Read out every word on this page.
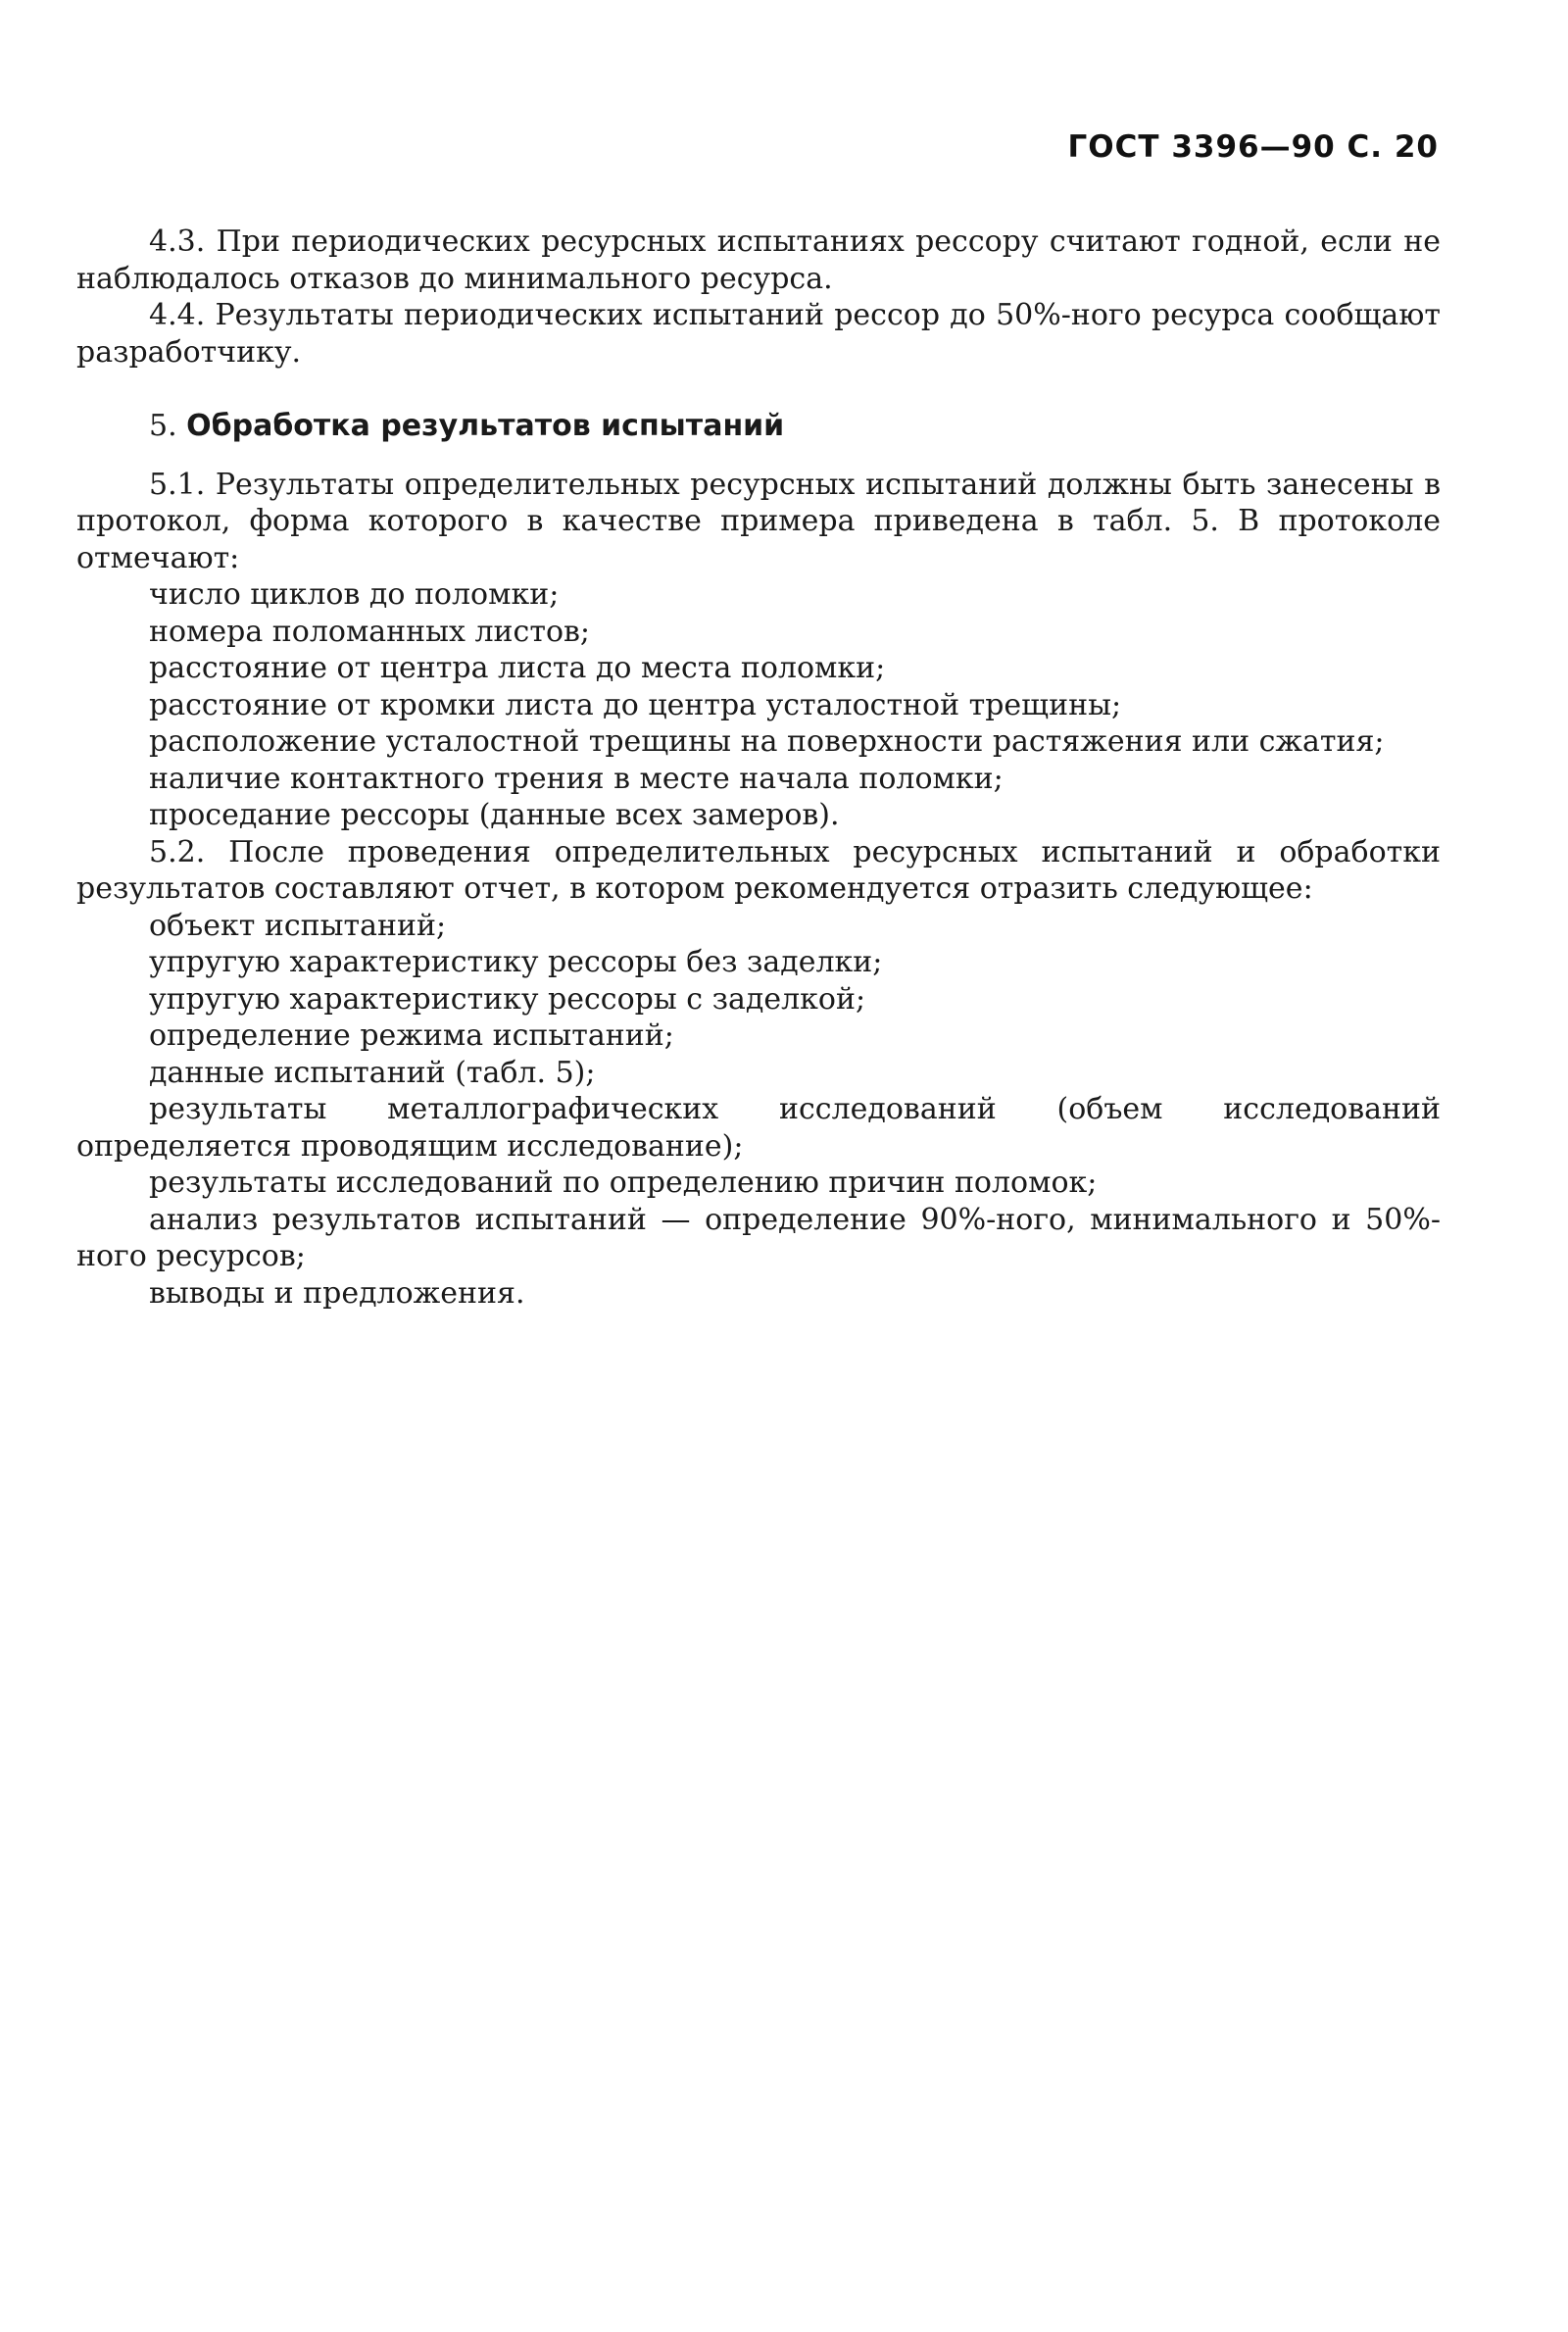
ГОСТ 3396—90 С. 20

4.3. При периодических ресурсных испытаниях рессору считают годной, если не наблюдалось отказов до минимального ресурса.

4.4. Результаты периодических испытаний рессор до 50%-ного ресурса сообщают разработчику.

5. Обработка результатов испытаний

5.1. Результаты определительных ресурсных испытаний должны быть занесены в протокол, форма которого в качестве примера приведена в табл. 5. В протоколе отмечают:

число циклов до поломки;

номера поломанных листов;

расстояние от центра листа до места поломки;

расстояние от кромки листа до центра усталостной трещины;

расположение усталостной трещины на поверхности растяжения или сжатия;

наличие контактного трения в месте начала поломки;

проседание рессоры (данные всех замеров).

5.2. После проведения определительных ресурсных испытаний и обработки результатов составляют отчет, в котором рекомендуется отразить следующее:

объект испытаний;

упругую характеристику рессоры без заделки;

упругую характеристику рессоры с заделкой;

определение режима испытаний;

данные испытаний (табл. 5);

результаты металлографических исследований (объем исследований определяется проводящим исследование);

результаты исследований по определению причин поломок;

анализ результатов испытаний — определение 90%-ного, минимального и 50%-ного ресурсов;

выводы и предложения.
